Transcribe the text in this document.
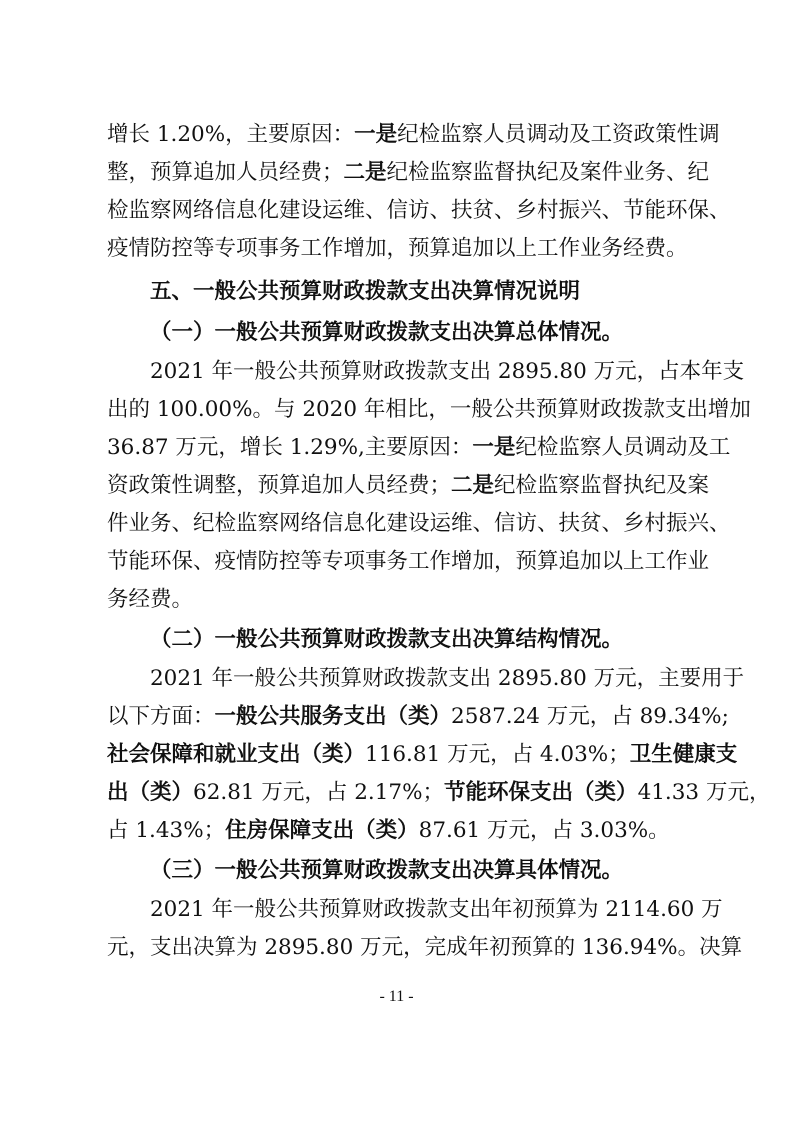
增长 1.20%，主要原因：一是纪检监察人员调动及工资政策性调
整，预算追加人员经费；二是纪检监察监督执纪及案件业务、纪
检监察网络信息化建设运维、信访、扶贫、乡村振兴、节能环保、
疫情防控等专项事务工作增加，预算追加以上工作业务经费。
五、一般公共预算财政拨款支出决算情况说明
（一）一般公共预算财政拨款支出决算总体情况。
2021 年一般公共预算财政拨款支出 2895.80 万元，占本年支
出的 100.00%。与 2020 年相比，一般公共预算财政拨款支出增加
36.87 万元，增长 1.29%,主要原因：一是纪检监察人员调动及工
资政策性调整，预算追加人员经费；二是纪检监察监督执纪及案
件业务、纪检监察网络信息化建设运维、信访、扶贫、乡村振兴、
节能环保、疫情防控等专项事务工作增加，预算追加以上工作业
务经费。
（二）一般公共预算财政拨款支出决算结构情况。
2021 年一般公共预算财政拨款支出 2895.80 万元，主要用于
以下方面：一般公共服务支出（类）2587.24 万元，占 89.34%;
社会保障和就业支出（类）116.81 万元，占 4.03%；卫生健康支
出（类）62.81 万元，占 2.17%；节能环保支出（类）41.33 万元，
占 1.43%；住房保障支出（类）87.61 万元，占 3.03%。
（三）一般公共预算财政拨款支出决算具体情况。
2021 年一般公共预算财政拨款支出年初预算为 2114.60 万
元，支出决算为 2895.80 万元，完成年初预算的 136.94%。决算
- 11 -
